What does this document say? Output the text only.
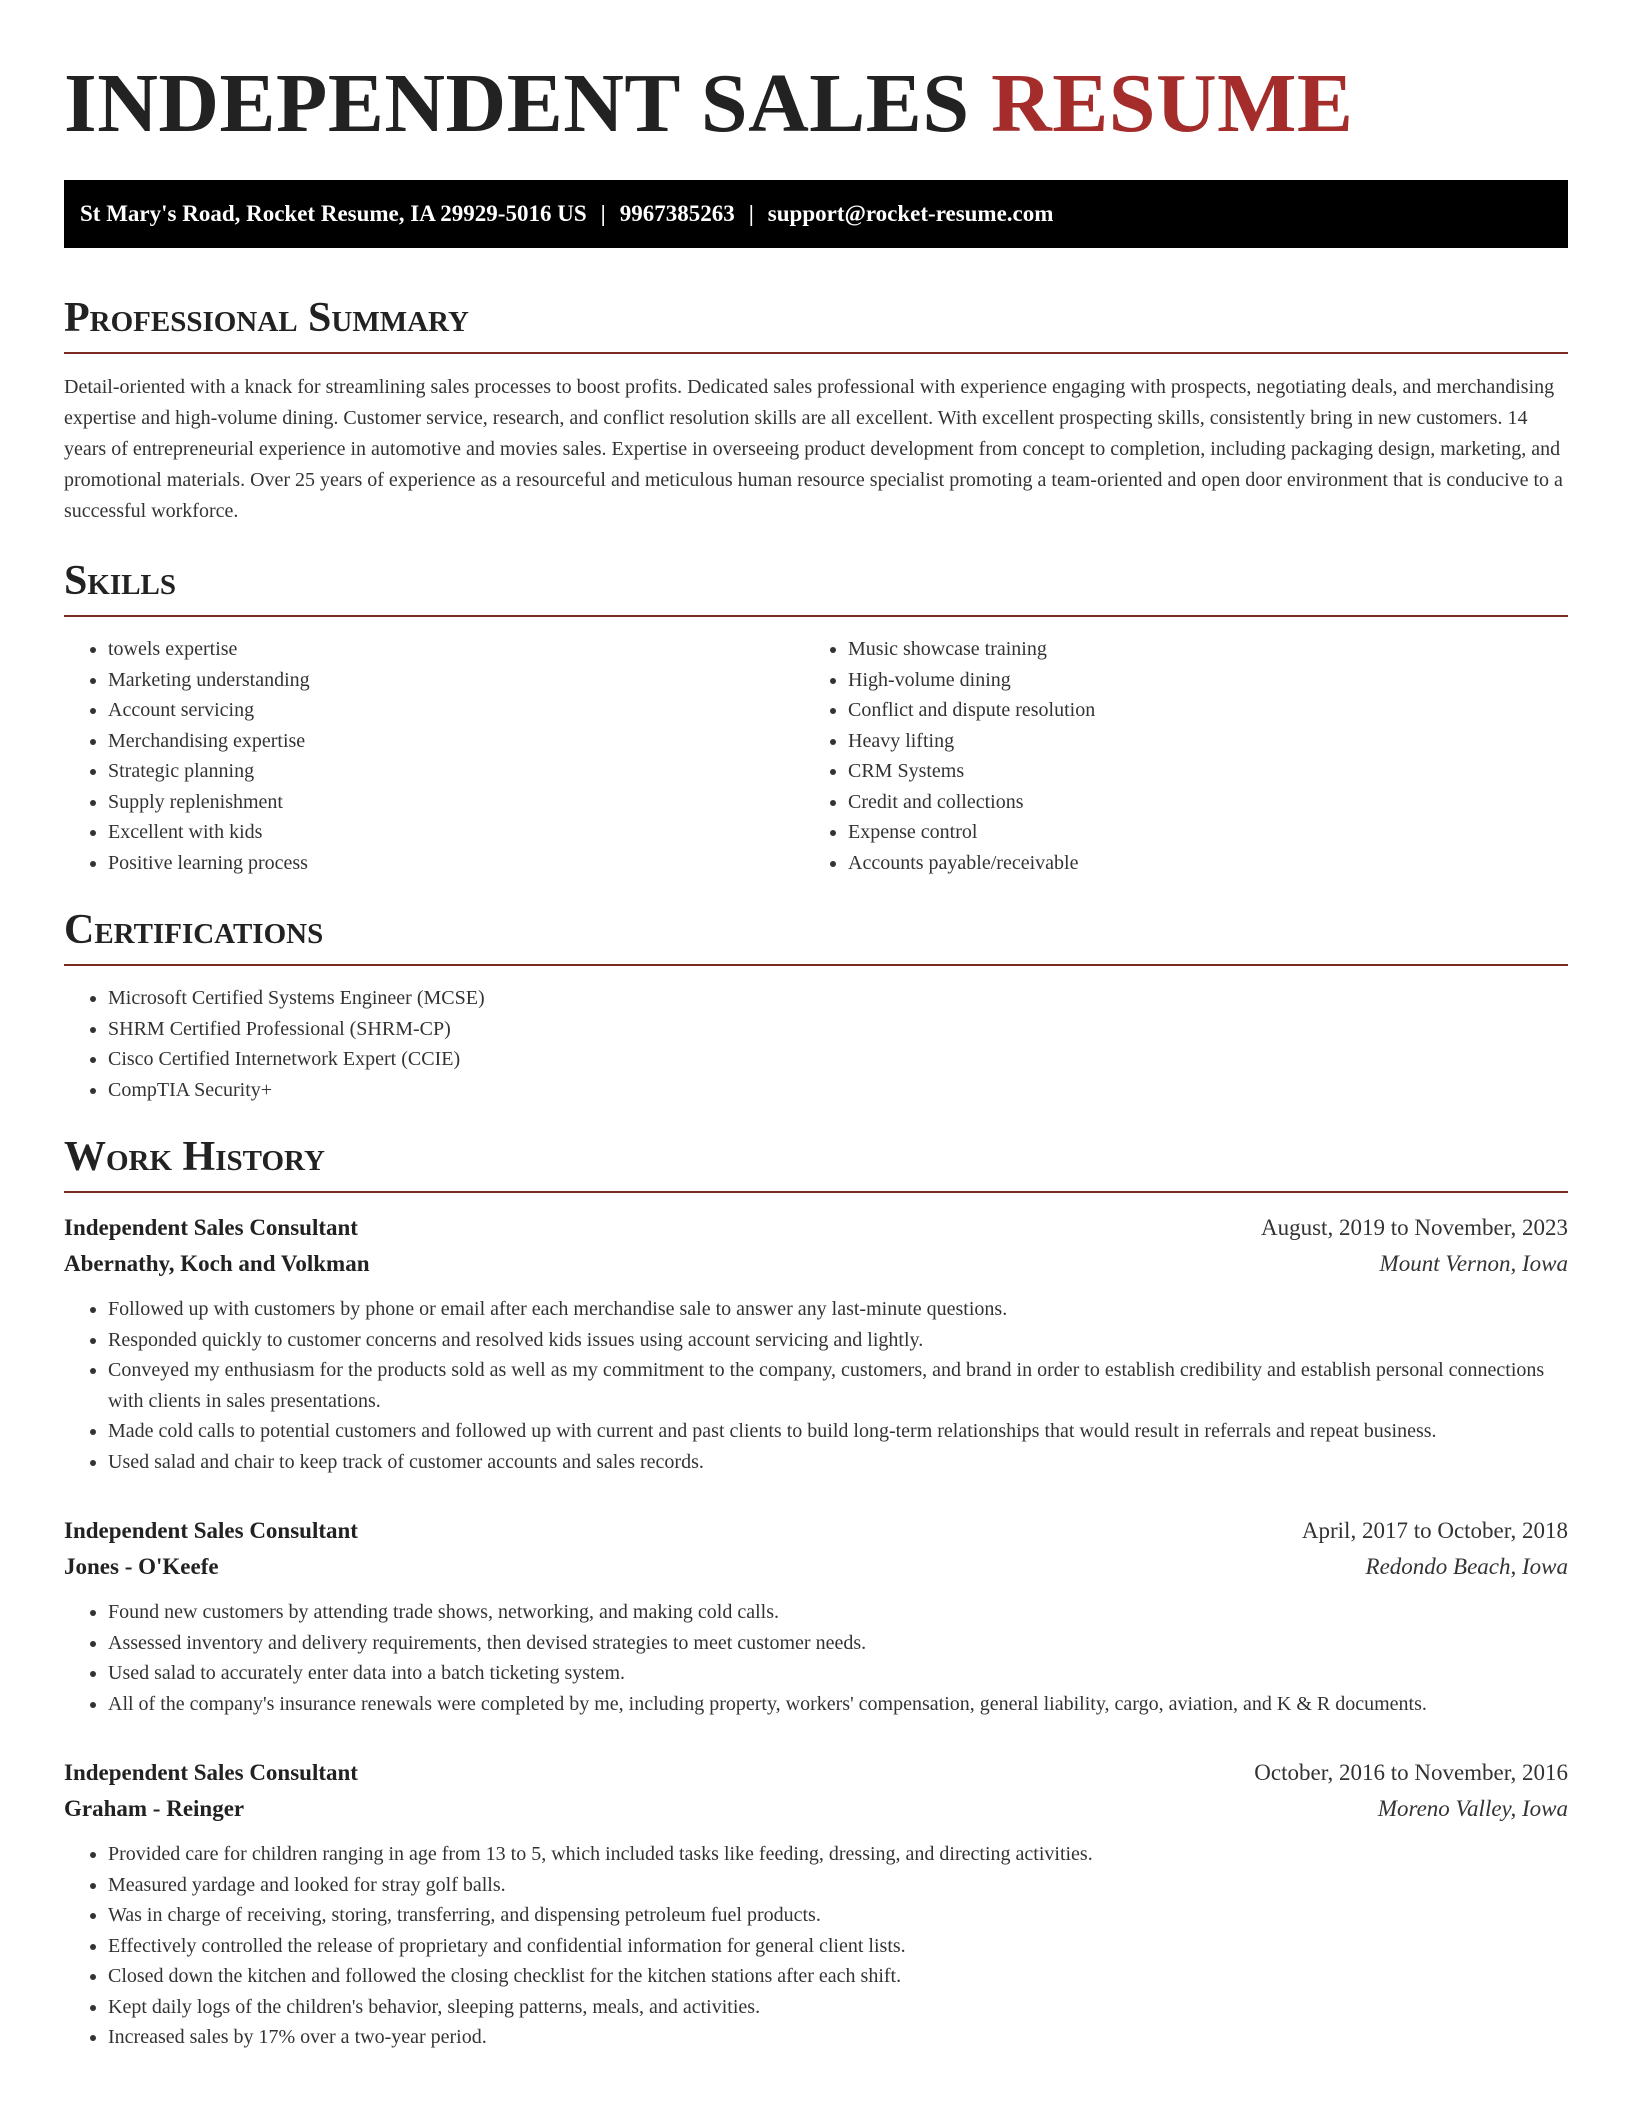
INDEPENDENT SALES RESUME
St Mary's Road, Rocket Resume, IA 29929-5016 US | 9967385263 | support@rocket-resume.com
Professional Summary

Detail-oriented with a knack for streamlining sales processes to boost profits. Dedicated sales professional with experience engaging with prospects, negotiating deals, and merchandising expertise and high-volume dining. Customer service, research, and conflict resolution skills are all excellent. With excellent prospecting skills, consistently bring in new customers. 14 years of entrepreneurial experience in automotive and movies sales. Expertise in overseeing product development from concept to completion, including packaging design, marketing, and promotional materials. Over 25 years of experience as a resourceful and meticulous human resource specialist promoting a team-oriented and open door environment that is conducive to a successful workforce.

Skills
• towels expertise
• Marketing understanding
• Account servicing
• Merchandising expertise
• Strategic planning
• Supply replenishment
• Excellent with kids
• Positive learning process
• Music showcase training
• High-volume dining
• Conflict and dispute resolution
• Heavy lifting
• CRM Systems
• Credit and collections
• Expense control
• Accounts payable/receivable
Certifications
• Microsoft Certified Systems Engineer (MCSE)
• SHRM Certified Professional (SHRM-CP)
• Cisco Certified Internetwork Expert (CCIE)
• CompTIA Security+
Work History
Independent Sales Consultant	August, 2019 to November, 2023
Abernathy, Koch and Volkman	Mount Vernon, Iowa
• Followed up with customers by phone or email after each merchandise sale to answer any last-minute questions.
• Responded quickly to customer concerns and resolved kids issues using account servicing and lightly.
• Conveyed my enthusiasm for the products sold as well as my commitment to the company, customers, and brand in order to establish credibility and establish personal connections with clients in sales presentations.
• Made cold calls to potential customers and followed up with current and past clients to build long-term relationships that would result in referrals and repeat business.
• Used salad and chair to keep track of customer accounts and sales records.
Independent Sales Consultant	April, 2017 to October, 2018
Jones - O'Keefe	Redondo Beach, Iowa
• Found new customers by attending trade shows, networking, and making cold calls.
• Assessed inventory and delivery requirements, then devised strategies to meet customer needs.
• Used salad to accurately enter data into a batch ticketing system.
• All of the company's insurance renewals were completed by me, including property, workers' compensation, general liability, cargo, aviation, and K & R documents.
Independent Sales Consultant	October, 2016 to November, 2016
Graham - Reinger	Moreno Valley, Iowa
• Provided care for children ranging in age from 13 to 5, which included tasks like feeding, dressing, and directing activities.
• Measured yardage and looked for stray golf balls.
• Was in charge of receiving, storing, transferring, and dispensing petroleum fuel products.
• Effectively controlled the release of proprietary and confidential information for general client lists.
• Closed down the kitchen and followed the closing checklist for the kitchen stations after each shift.
• Kept daily logs of the children's behavior, sleeping patterns, meals, and activities.
• Increased sales by 17% over a two-year period.
